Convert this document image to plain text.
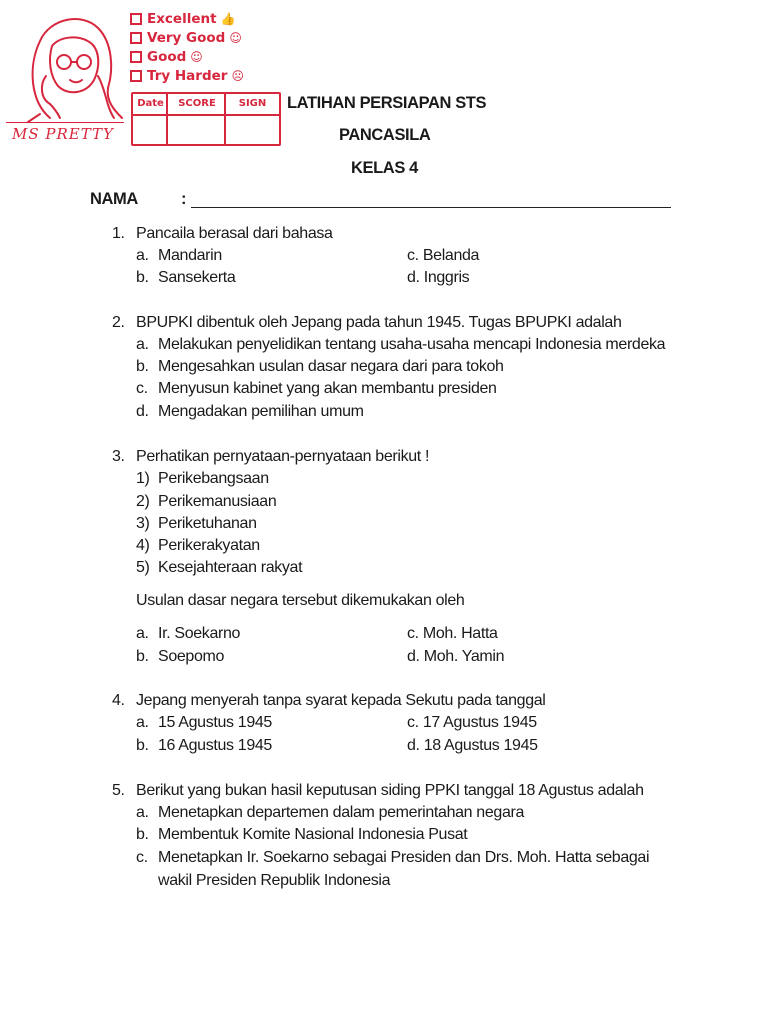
Excellent 👍
Very Good ☺
Good ☺
Try Harder ☹
Date	SCORE	SIGN
MS PRETTY
LATIHAN PERSIAPAN STS
PANCASILA
KELAS 4
NAMA	:
1. Pancaila berasal dari bahasa
a. Mandarin
b. Sansekerta
c. Belanda
d. Inggris
2. BPUPKI dibentuk oleh Jepang pada tahun 1945. Tugas BPUPKI adalah
a. Melakukan penyelidikan tentang usaha-usaha mencapi Indonesia merdeka
b. Mengesahkan usulan dasar negara dari para tokoh
c. Menyusun kabinet yang akan membantu presiden
d. Mengadakan pemilihan umum
3. Perhatikan pernyataan-pernyataan berikut !
1) Perikebangsaan
2) Perikemanusiaan
3) Periketuhanan
4) Perikerakyatan
5) Kesejahteraan rakyat
Usulan dasar negara tersebut dikemukakan oleh
a. Ir. Soekarno
b. Soepomo
c. Moh. Hatta
d. Moh. Yamin
4. Jepang menyerah tanpa syarat kepada Sekutu pada tanggal
a. 15 Agustus 1945
b. 16 Agustus 1945
c. 17 Agustus 1945
d. 18 Agustus 1945
5. Berikut yang bukan hasil keputusan siding PPKI tanggal 18 Agustus adalah
a. Menetapkan departemen dalam pemerintahan negara
b. Membentuk Komite Nasional Indonesia Pusat
c. Menetapkan Ir. Soekarno sebagai Presiden dan Drs. Moh. Hatta sebagai
wakil Presiden Republik Indonesia
